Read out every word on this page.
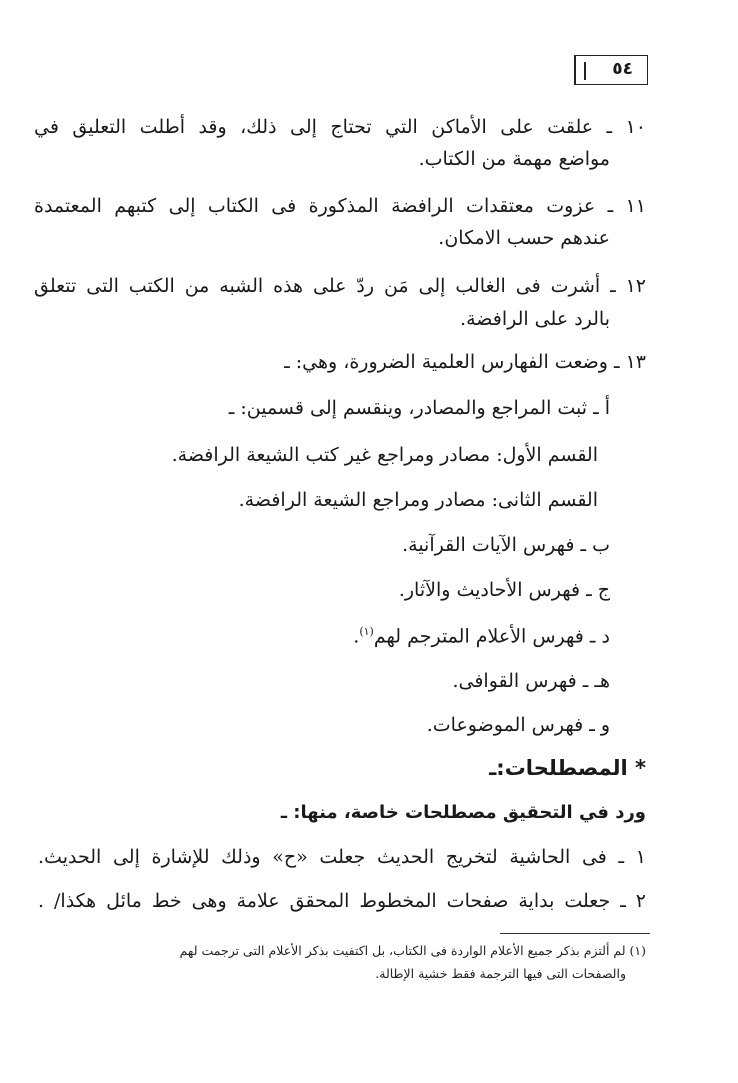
٥٤
١٠ ـ علقت على الأماكن التي تحتاج إلى ذلك، وقد أطلت التعليق في
مواضع مهمة من الكتاب.
١١ ـ عزوت معتقدات الرافضة المذكورة فى الكتاب إلى كتبهم المعتمدة
عندهم حسب الامكان.
١٢ ـ أشرت فى الغالب إلى مَن ردّ على هذه الشبه من الكتب التى تتعلق
بالرد على الرافضة.
١٣ ـ وضعت الفهارس العلمية الضرورة، وهي: ـ
أ ـ ثبت المراجع والمصادر، وينقسم إلى قسمين: ـ
القسم الأول: مصادر ومراجع غير كتب الشيعة الرافضة.
القسم الثانى: مصادر ومراجع الشيعة الرافضة.
ب ـ فهرس الآيات القرآنية.
ج ـ فهرس الأحاديث والآثار.
د ـ فهرس الأعلام المترجم لهم$^{(١)}$.
هـ ـ فهرس القوافى.
و ـ فهرس الموضوعات.
* المصطلحات:ـ
ورد في التحقيق مصطلحات خاصة، منها: ـ
١ ـ فى الحاشية لتخريج الحديث جعلت «ح» وذلك للإشارة إلى الحديث.
٢ ـ جعلت بداية صفحات المخطوط المحقق علامة وهى خط مائل هكذا/ .
(١) لم ألتزم بذكر جميع الأعلام الواردة فى الكتاب، بل اكتفيت بذكر الأعلام التى ترجمت لهم
والصفحات التى فيها الترجمة فقط خشية الإطالة.
